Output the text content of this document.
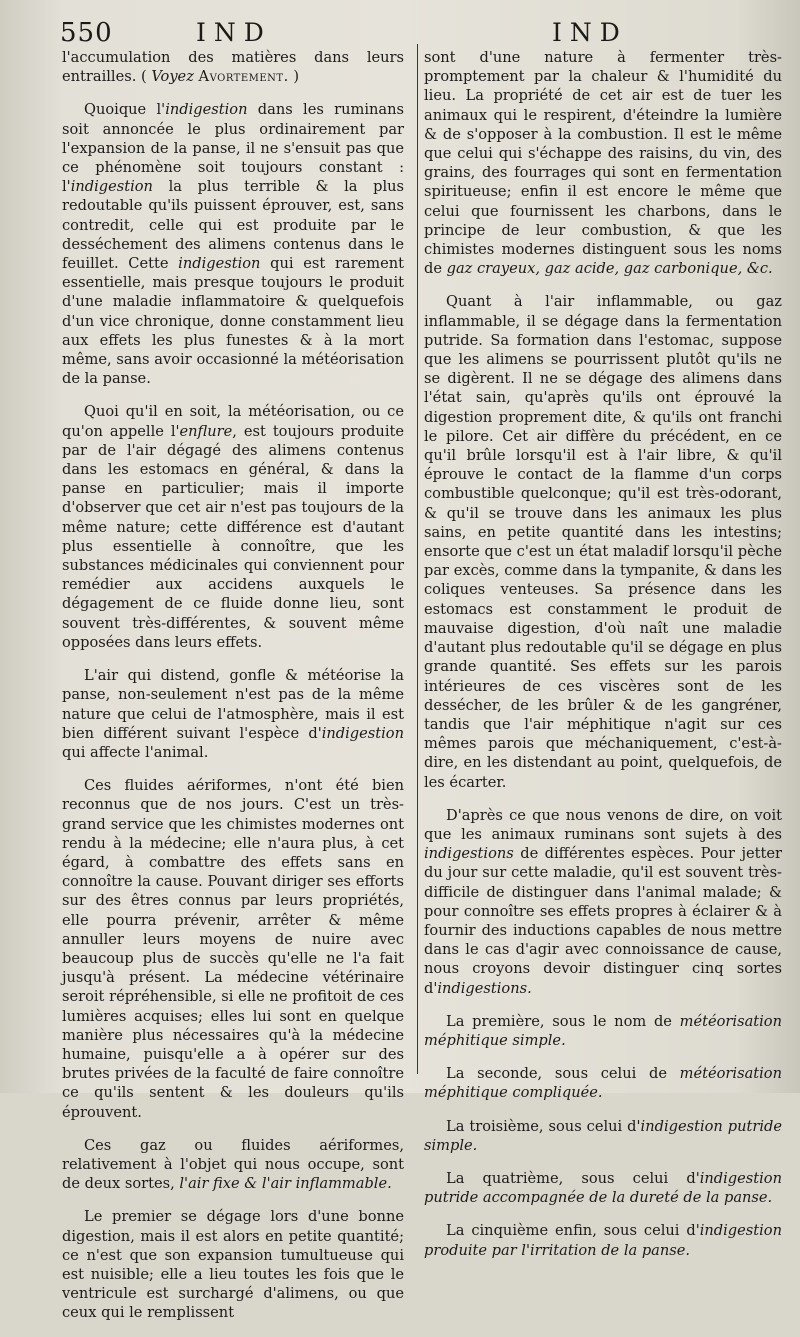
550	IND	IND

l'accumulation des matières dans leurs entrailles. ( Voyez Avortement. )

Quoique l'indigestion dans les ruminans soit annoncée le plus ordinairement par l'expansion de la panse, il ne s'ensuit pas que ce phénomène soit toujours constant : l'indigestion la plus terrible & la plus redoutable qu'ils puissent éprouver, est, sans contredit, celle qui est produite par le desséchement des alimens contenus dans le feuillet. Cette indigestion qui est rarement essentielle, mais presque toujours le produit d'une maladie inflammatoire & quelquefois d'un vice chronique, donne constamment lieu aux effets les plus funestes & à la mort même, sans avoir occasionné la météorisation de la panse.

Quoi qu'il en soit, la météorisation, ou ce qu'on appelle l'enflure, est toujours produite par de l'air dégagé des alimens contenus dans les estomacs en général, & dans la panse en particulier; mais il importe d'observer que cet air n'est pas toujours de la même nature; cette différence est d'autant plus essentielle à connoître, que les substances médicinales qui conviennent pour remédier aux accidens auxquels le dégagement de ce fluide donne lieu, sont souvent très-différentes, & souvent même opposées dans leurs effets.

L'air qui distend, gonfle & météorise la panse, non-seulement n'est pas de la même nature que celui de l'atmosphère, mais il est bien différent suivant l'espèce d'indigestion qui affecte l'animal.

Ces fluides aériformes, n'ont été bien reconnus que de nos jours. C'est un très-grand service que les chimistes modernes ont rendu à la médecine; elle n'aura plus, à cet égard, à combattre des effets sans en connoître la cause. Pouvant diriger ses efforts sur des êtres connus par leurs propriétés, elle pourra prévenir, arrêter & même annuller leurs moyens de nuire avec beaucoup plus de succès qu'elle ne l'a fait jusqu'à présent. La médecine vétérinaire seroit répréhensible, si elle ne profitoit de ces lumières acquises; elles lui sont en quelque manière plus nécessaires qu'à la médecine humaine, puisqu'elle a à opérer sur des brutes privées de la faculté de faire connoître ce qu'ils sentent & les douleurs qu'ils éprouvent.

Ces gaz ou fluides aériformes, relativement à l'objet qui nous occupe, sont de deux sortes, l'air fixe & l'air inflammable.

Le premier se dégage lors d'une bonne digestion, mais il est alors en petite quantité; ce n'est que son expansion tumultueuse qui est nuisible; elle a lieu toutes les fois que le ventricule est surchargé d'alimens, ou que ceux qui le remplissent

sont d'une nature à fermenter très-promptement par la chaleur & l'humidité du lieu. La propriété de cet air est de tuer les animaux qui le respirent, d'éteindre la lumière & de s'opposer à la combustion. Il est le même que celui qui s'échappe des raisins, du vin, des grains, des fourrages qui sont en fermentation spiritueuse; enfin il est encore le même que celui que fournissent les charbons, dans le principe de leur combustion, & que les chimistes modernes distinguent sous les noms de gaz crayeux, gaz acide, gaz carbonique, &c.

Quant à l'air inflammable, ou gaz inflammable, il se dégage dans la fermentation putride. Sa formation dans l'estomac, suppose que les alimens se pourrissent plutôt qu'ils ne se digèrent. Il ne se dégage des alimens dans l'état sain, qu'après qu'ils ont éprouvé la digestion proprement dite, & qu'ils ont franchi le pilore. Cet air diffère du précédent, en ce qu'il brûle lorsqu'il est à l'air libre, & qu'il éprouve le contact de la flamme d'un corps combustible quelconque; qu'il est très-odorant, & qu'il se trouve dans les animaux les plus sains, en petite quantité dans les intestins; ensorte que c'est un état maladif lorsqu'il pèche par excès, comme dans la tympanite, & dans les coliques venteuses. Sa présence dans les estomacs est constamment le produit de mauvaise digestion, d'où naît une maladie d'autant plus redoutable qu'il se dégage en plus grande quantité. Ses effets sur les parois intérieures de ces viscères sont de les dessécher, de les brûler & de les gangréner, tandis que l'air méphitique n'agit sur ces mêmes parois que méchaniquement, c'est-à-dire, en les distendant au point, quelquefois, de les écarter.

D'après ce que nous venons de dire, on voit que les animaux ruminans sont sujets à des indigestions de différentes espèces. Pour jetter du jour sur cette maladie, qu'il est souvent très-difficile de distinguer dans l'animal malade; & pour connoître ses effets propres à éclairer & à fournir des inductions capables de nous mettre dans le cas d'agir avec connoissance de cause, nous croyons devoir distinguer cinq sortes d'indigestions.

La première, sous le nom de météorisation méphitique simple.

La seconde, sous celui de météorisation méphitique compliquée.

La troisième, sous celui d'indigestion putride simple.

La quatrième, sous celui d'indigestion putride accompagnée de la dureté de la panse.

La cinquième enfin, sous celui d'indigestion produite par l'irritation de la panse.
